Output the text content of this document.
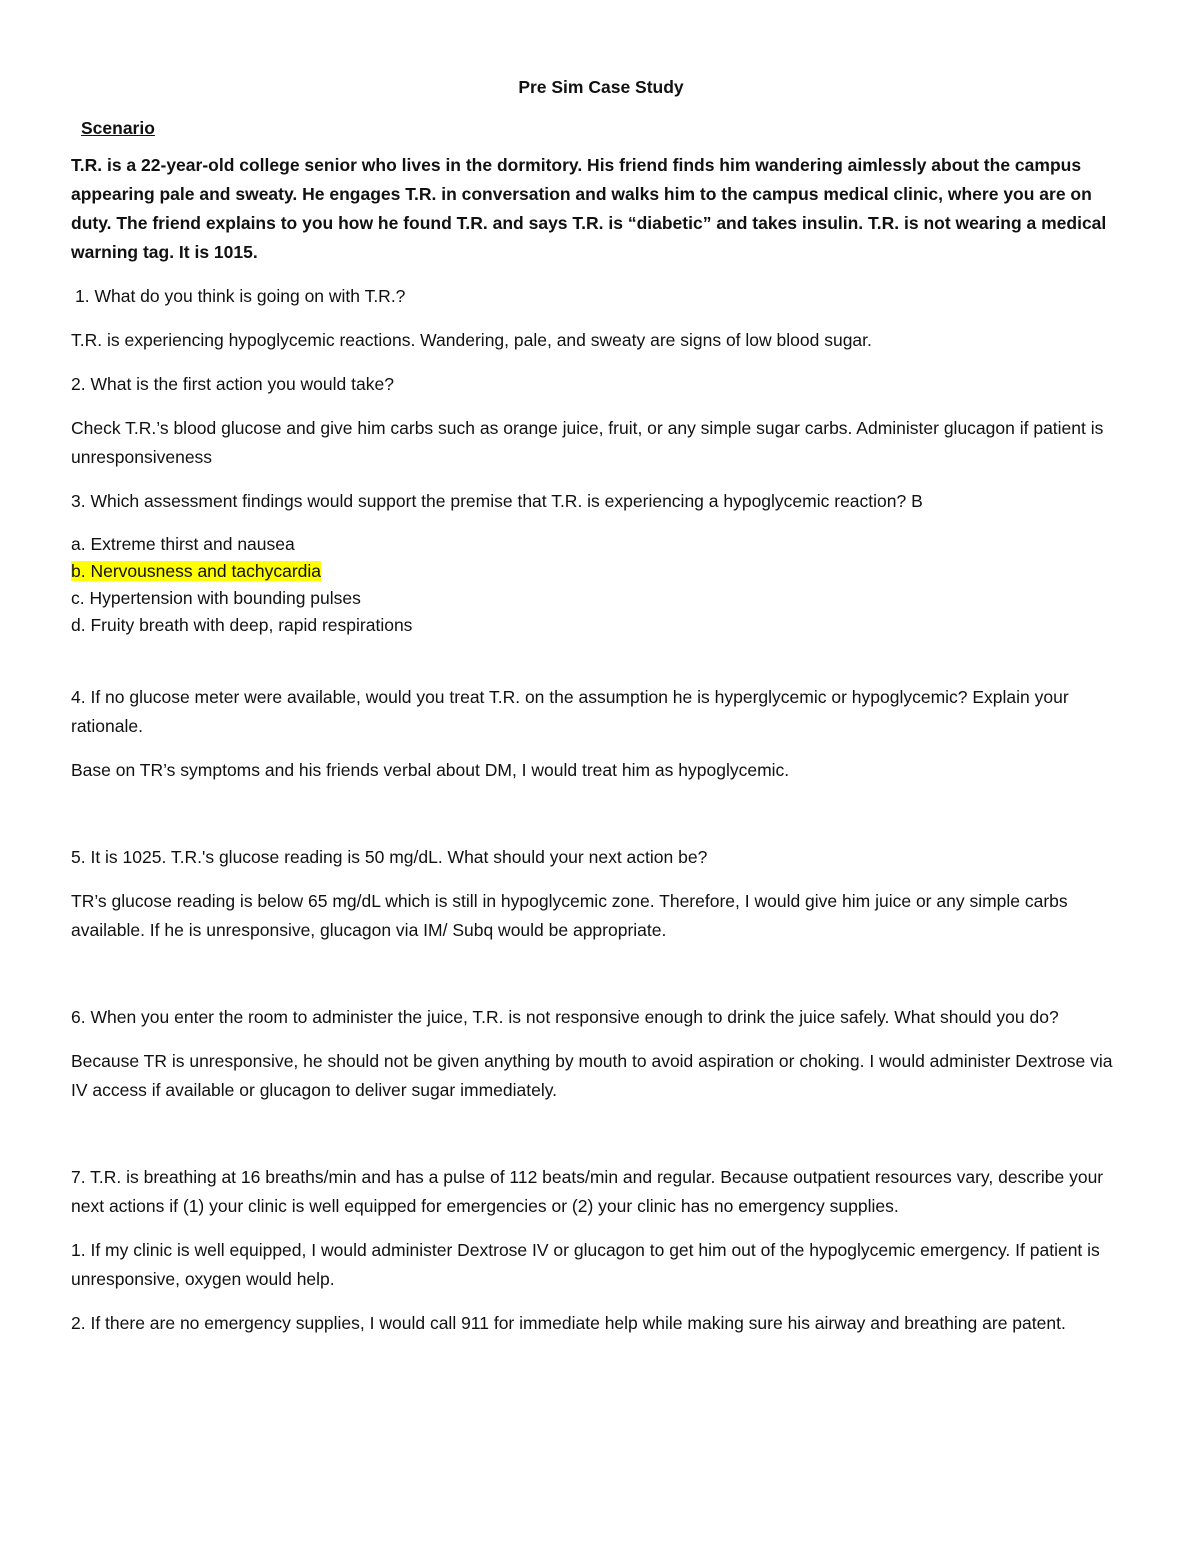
Pre Sim Case Study
Scenario

T.R. is a 22-year-old college senior who lives in the dormitory. His friend finds him wandering aimlessly about the campus appearing pale and sweaty. He engages T.R. in conversation and walks him to the campus medical clinic, where you are on duty. The friend explains to you how he found T.R. and says T.R. is “diabetic” and takes insulin. T.R. is not wearing a medical warning tag. It is 1015.

1. What do you think is going on with T.R.?

T.R. is experiencing hypoglycemic reactions. Wandering, pale, and sweaty are signs of low blood sugar.

2. What is the first action you would take?

Check T.R.’s blood glucose and give him carbs such as orange juice, fruit, or any simple sugar carbs. Administer glucagon if patient is unresponsiveness

3. Which assessment findings would support the premise that T.R. is experiencing a hypoglycemic reaction? B

a. Extreme thirst and nausea
b. Nervousness and tachycardia
c. Hypertension with bounding pulses
d. Fruity breath with deep, rapid respirations

4. If no glucose meter were available, would you treat T.R. on the assumption he is hyperglycemic or hypoglycemic? Explain your rationale.

Base on TR’s symptoms and his friends verbal about DM, I would treat him as hypoglycemic.

5. It is 1025. T.R.'s glucose reading is 50 mg/dL. What should your next action be?

TR’s glucose reading is below 65 mg/dL which is still in hypoglycemic zone. Therefore, I would give him juice or any simple carbs available. If he is unresponsive, glucagon via IM/ Subq would be appropriate.

6. When you enter the room to administer the juice, T.R. is not responsive enough to drink the juice safely. What should you do?

Because TR is unresponsive, he should not be given anything by mouth to avoid aspiration or choking. I would administer Dextrose via IV access if available or glucagon to deliver sugar immediately.

7. T.R. is breathing at 16 breaths/min and has a pulse of 112 beats/min and regular. Because outpatient resources vary, describe your next actions if (1) your clinic is well equipped for emergencies or (2) your clinic has no emergency supplies.

1. If my clinic is well equipped, I would administer Dextrose IV or glucagon to get him out of the hypoglycemic emergency. If patient is unresponsive, oxygen would help.

2. If there are no emergency supplies, I would call 911 for immediate help while making sure his airway and breathing are patent.
